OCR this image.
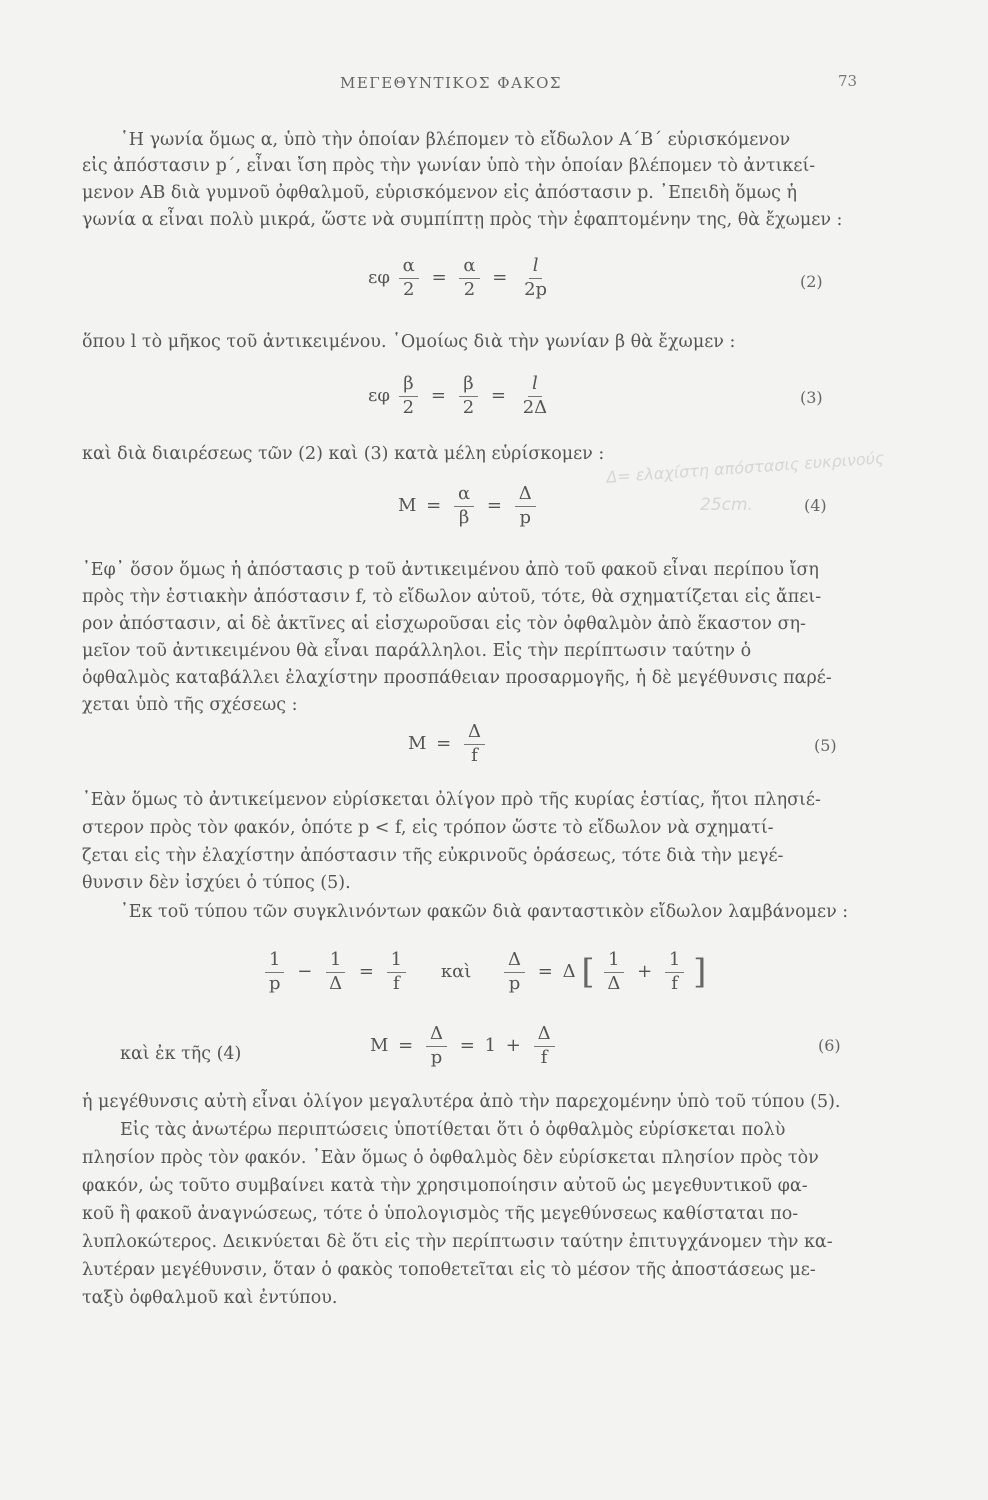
ΜΕΓΕΘΥΝΤΙΚΟΣ ΦΑΚΟΣ	73
῾Η γωνία ὅμως α, ὑπὸ τὴν ὁποίαν βλέπομεν τὸ εἴδωλον Α΄Β΄ εὑρισκόμενον
εἰς ἀπόστασιν p΄, εἶναι ἴση πρὸς τὴν γωνίαν ὑπὸ τὴν ὁποίαν βλέπομεν τὸ ἀντικεί-
μενον ΑΒ διὰ γυμνοῦ ὀφθαλμοῦ, εὑρισκόμενον εἰς ἀπόστασιν p. ᾿Επειδὴ ὅμως ἡ
γωνία α εἶναι πολὺ μικρά, ὥστε νὰ συμπίπτῃ πρὸς τὴν ἐφαπτομένην της, θὰ ἔχωμεν :
εφ $\frac{\alpha}{2} = \frac{\alpha}{2} = \frac{l}{2p}$	(2)
ὅπου l τὸ μῆκος τοῦ ἀντικειμένου. ῾Ομοίως διὰ τὴν γωνίαν β θὰ ἔχωμεν :
εφ $\frac{\beta}{2} = \frac{\beta}{2} = \frac{l}{2\Delta}$	(3)
καὶ διὰ διαιρέσεως τῶν (2) καὶ (3) κατὰ μέλη εὑρίσκομεν :
$M = \frac{\alpha}{\beta} = \frac{\Delta}{p}$	(4)
Δ= ελαχίστη απόστασις ευκρινούς
25cm.
᾿Εφ᾿ ὅσον ὅμως ἡ ἀπόστασις p τοῦ ἀντικειμένου ἀπὸ τοῦ φακοῦ εἶναι περίπου ἴση
πρὸς τὴν ἑστιακὴν ἀπόστασιν f, τὸ εἴδωλον αὐτοῦ, τότε, θὰ σχηματίζεται εἰς ἄπει-
ρον ἀπόστασιν, αἱ δὲ ἀκτῖνες αἱ εἰσχωροῦσαι εἰς τὸν ὀφθαλμὸν ἀπὸ ἕκαστον ση-
μεῖον τοῦ ἀντικειμένου θὰ εἶναι παράλληλοι. Εἰς τὴν περίπτωσιν ταύτην ὁ
ὀφθαλμὸς καταβάλλει ἐλαχίστην προσπάθειαν προσαρμογῆς, ἡ δὲ μεγέθυνσις παρέ-
χεται ὑπὸ τῆς σχέσεως :
$M = \frac{\Delta}{f}$	(5)
᾿Εὰν ὅμως τὸ ἀντικείμενον εὑρίσκεται ὀλίγον πρὸ τῆς κυρίας ἑστίας, ἤτοι πλησιέ-
στερον πρὸς τὸν φακόν, ὁπότε p < f, εἰς τρόπον ὥστε τὸ εἴδωλον νὰ σχηματί-
ζεται εἰς τὴν ἐλαχίστην ἀπόστασιν τῆς εὐκρινοῦς ὁράσεως, τότε διὰ τὴν μεγέ-
θυνσιν δὲν ἰσχύει ὁ τύπος (5).
᾿Εκ τοῦ τύπου τῶν συγκλινόντων φακῶν διὰ φανταστικὸν εἴδωλον λαμβάνομεν :
$\frac{1}{p} - \frac{1}{\Delta} = \frac{1}{f}$ καὶ $\frac{\Delta}{p} = \Delta$ [ $\frac{1}{\Delta} + \frac{1}{f}$ ]
καὶ ἐκ τῆς (4)	$M = \frac{\Delta}{p} = 1 + \frac{\Delta}{f}$	(6)
ἡ μεγέθυνσις αὐτὴ εἶναι ὀλίγον μεγαλυτέρα ἀπὸ τὴν παρεχομένην ὑπὸ τοῦ τύπου (5).
Εἰς τὰς ἀνωτέρω περιπτώσεις ὑποτίθεται ὅτι ὁ ὀφθαλμὸς εὑρίσκεται πολὺ
πλησίον πρὸς τὸν φακόν. ᾿Εὰν ὅμως ὁ ὀφθαλμὸς δὲν εὑρίσκεται πλησίον πρὸς τὸν
φακόν, ὡς τοῦτο συμβαίνει κατὰ τὴν χρησιμοποίησιν αὐτοῦ ὡς μεγεθυντικοῦ φα-
κοῦ ἢ φακοῦ ἀναγνώσεως, τότε ὁ ὑπολογισμὸς τῆς μεγεθύνσεως καθίσταται πο-
λυπλοκώτερος. Δεικνύεται δὲ ὅτι εἰς τὴν περίπτωσιν ταύτην ἐπιτυγχάνομεν τὴν κα-
λυτέραν μεγέθυνσιν, ὅταν ὁ φακὸς τοποθετεῖται εἰς τὸ μέσον τῆς ἀποστάσεως με-
ταξὺ ὀφθαλμοῦ καὶ ἐντύπου.
